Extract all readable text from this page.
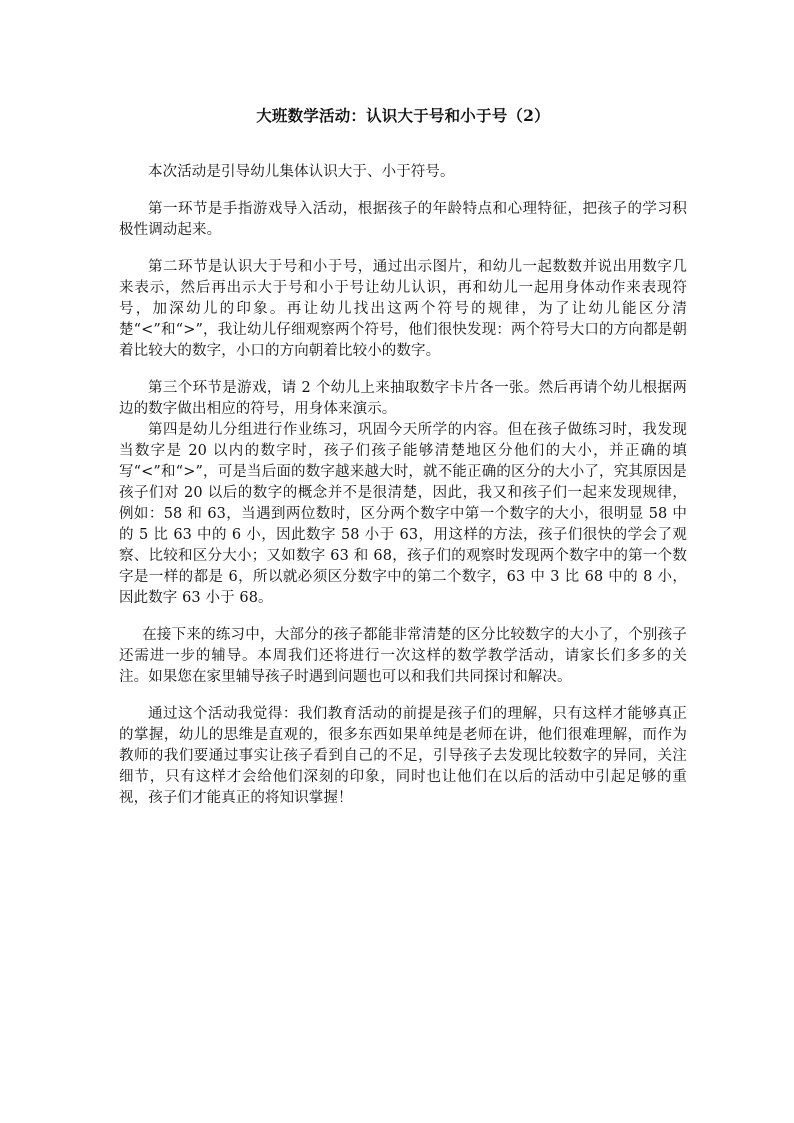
大班数学活动：认识大于号和小于号（2）

本次活动是引导幼儿集体认识大于、小于符号。

第一环节是手指游戏导入活动，根据孩子的年龄特点和心理特征，把孩子的学习积极性调动起来。

第二环节是认识大于号和小于号，通过出示图片，和幼儿一起数数并说出用数字几来表示，然后再出示大于号和小于号让幼儿认识，再和幼儿一起用身体动作来表现符号，加深幼儿的印象。再让幼儿找出这两个符号的规律，为了让幼儿能区分清楚“<”和“>”，我让幼儿仔细观察两个符号，他们很快发现：两个符号大口的方向都是朝着比较大的数字，小口的方向朝着比较小的数字。

第三个环节是游戏，请 2 个幼儿上来抽取数字卡片各一张。然后再请个幼儿根据两边的数字做出相应的符号，用身体来演示。

第四是幼儿分组进行作业练习，巩固今天所学的内容。但在孩子做练习时，我发现当数字是 20 以内的数字时，孩子们孩子能够清楚地区分他们的大小，并正确的填写“<”和“>”，可是当后面的数字越来越大时，就不能正确的区分的大小了，究其原因是孩子们对 20 以后的数字的概念并不是很清楚，因此，我又和孩子们一起来发现规律，例如：58 和 63，当遇到两位数时，区分两个数字中第一个数字的大小，很明显 58 中的 5 比 63 中的 6 小，因此数字 58 小于 63，用这样的方法，孩子们很快的学会了观察、比较和区分大小；又如数字 63 和 68，孩子们的观察时发现两个数字中的第一个数字是一样的都是 6，所以就必须区分数字中的第二个数字，63 中 3 比 68 中的 8 小，因此数字 63 小于 68。

在接下来的练习中，大部分的孩子都能非常清楚的区分比较数字的大小了，个别孩子还需进一步的辅导。本周我们还将进行一次这样的数学教学活动，请家长们多多的关注。如果您在家里辅导孩子时遇到问题也可以和我们共同探讨和解决。

通过这个活动我觉得：我们教育活动的前提是孩子们的理解，只有这样才能够真正的掌握，幼儿的思维是直观的，很多东西如果单纯是老师在讲，他们很难理解，而作为教师的我们要通过事实让孩子看到自己的不足，引导孩子去发现比较数字的异同，关注细节，只有这样才会给他们深刻的印象，同时也让他们在以后的活动中引起足够的重视，孩子们才能真正的将知识掌握！
